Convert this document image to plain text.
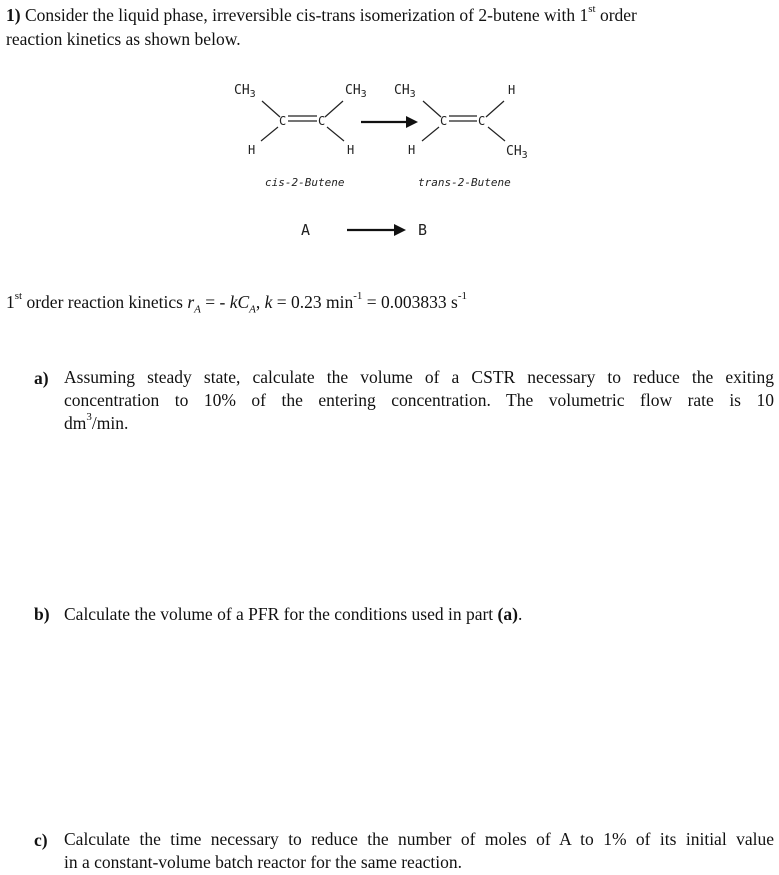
1) Consider the liquid phase, irreversible cis-trans isomerization of 2-butene with 1st order
reaction kinetics as shown below.
$CH_3$	$CH_3$
C	C
H	H
cis-2-Butene
$CH_3$	H
C	C
H	$CH_3$
trans-2-Butene
A	B
1st order reaction kinetics $r_A$ = - $kC_A$, k = 0.23 $\min^{-1} = 0.003833$ $s^{-1}$
a) Assuming steady state, calculate the volume of a CSTR necessary to reduce the exiting
concentration to 10% of the entering concentration. The volumetric flow rate is 10
$dm^3/\min$.
b) Calculate the volume of a PFR for the conditions used in part (a).
c) Calculate the time necessary to reduce the number of moles of A to 1% of its initial value
in a constant-volume batch reactor for the same reaction.
